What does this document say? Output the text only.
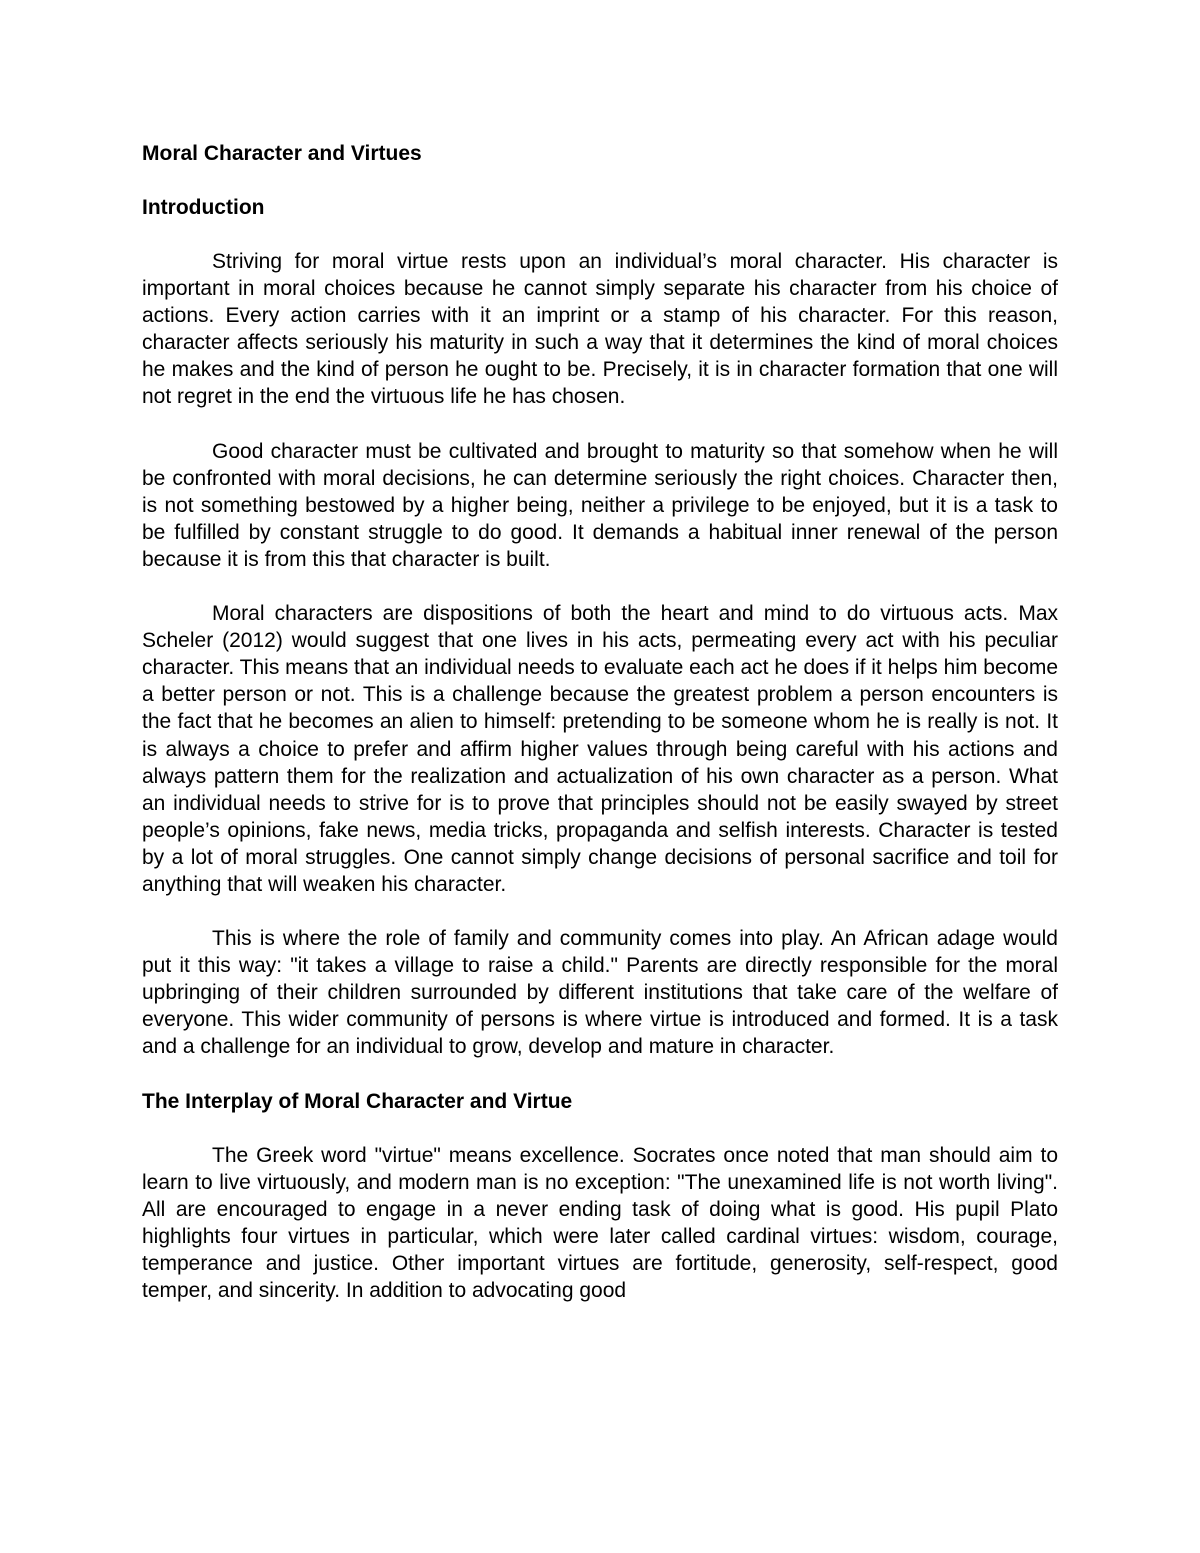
Moral Character and Virtues
Introduction

Striving for moral virtue rests upon an individual’s moral character. His character is important in moral choices because he cannot simply separate his character from his choice of actions. Every action carries with it an imprint or a stamp of his character. For this reason, character affects seriously his maturity in such a way that it determines the kind of moral choices he makes and the kind of person he ought to be. Precisely, it is in character formation that one will not regret in the end the virtuous life he has chosen.

Good character must be cultivated and brought to maturity so that somehow when he will be confronted with moral decisions, he can determine seriously the right choices. Character then, is not something bestowed by a higher being, neither a privilege to be enjoyed, but it is a task to be fulfilled by constant struggle to do good. It demands a habitual inner renewal of the person because it is from this that character is built.

Moral characters are dispositions of both the heart and mind to do virtuous acts. Max Scheler (2012) would suggest that one lives in his acts, permeating every act with his peculiar character. This means that an individual needs to evaluate each act he does if it helps him become a better person or not. This is a challenge because the greatest problem a person encounters is the fact that he becomes an alien to himself: pretending to be someone whom he is really is not. It is always a choice to prefer and affirm higher values through being careful with his actions and always pattern them for the realization and actualization of his own character as a person. What an individual needs to strive for is to prove that principles should not be easily swayed by street people’s opinions, fake news, media tricks, propaganda and selfish interests. Character is tested by a lot of moral struggles. One cannot simply change decisions of personal sacrifice and toil for anything that will weaken his character.

This is where the role of family and community comes into play. An African adage would put it this way: "it takes a village to raise a child." Parents are directly responsible for the moral upbringing of their children surrounded by different institutions that take care of the welfare of everyone. This wider community of persons is where virtue is introduced and formed. It is a task and a challenge for an individual to grow, develop and mature in character.

The Interplay of Moral Character and Virtue

The Greek word "virtue" means excellence. Socrates once noted that man should aim to learn to live virtuously, and modern man is no exception: "The unexamined life is not worth living". All are encouraged to engage in a never ending task of doing what is good. His pupil Plato highlights four virtues in particular, which were later called cardinal virtues: wisdom, courage, temperance and justice. Other important virtues are fortitude, generosity, self-respect, good temper, and sincerity. In addition to advocating good
